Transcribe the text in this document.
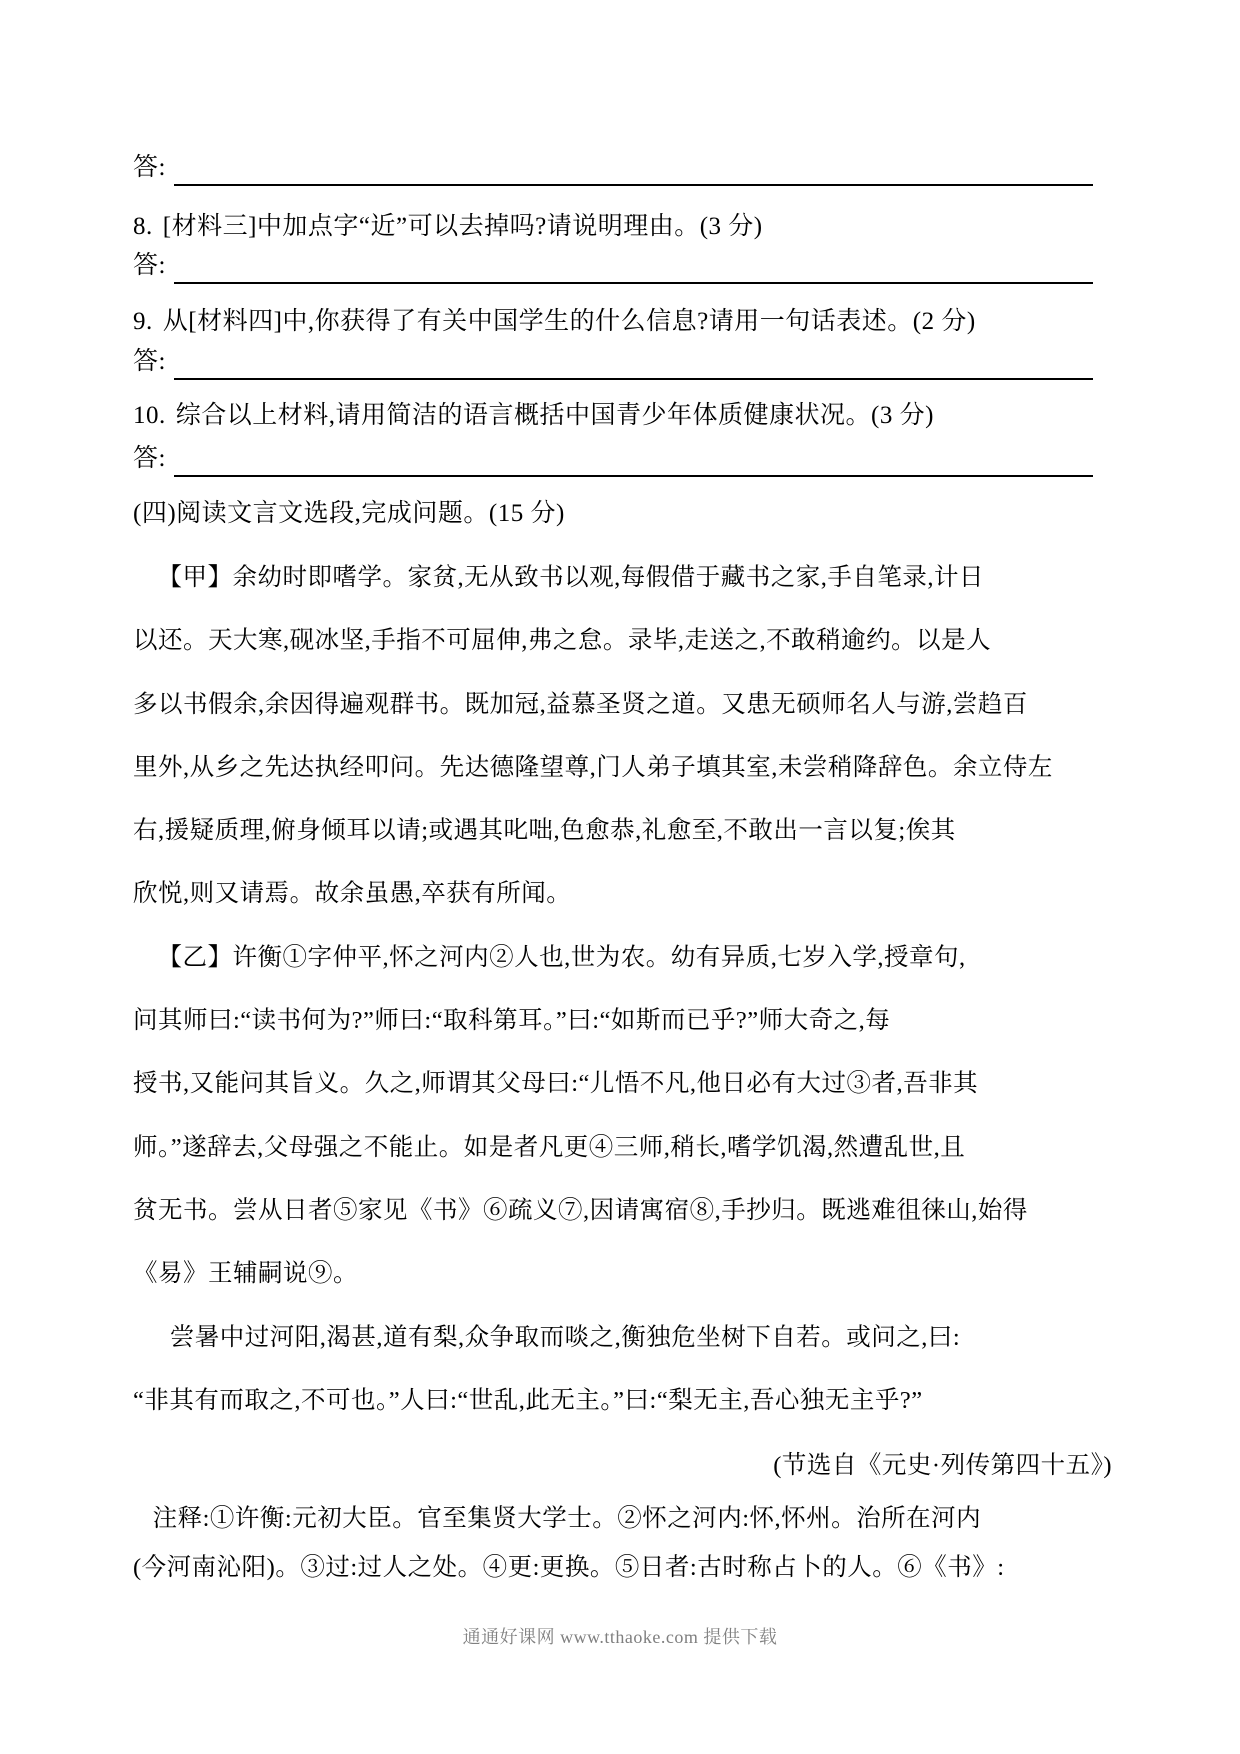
答:
8. [材料三]中加点字“近”可以去掉吗?请说明理由。(3 分)
答:
9. 从[材料四]中,你获得了有关中国学生的什么信息?请用一句话表述。(2 分)
答:
10. 综合以上材料,请用简洁的语言概括中国青少年体质健康状况。(3 分)
答:
(四)阅读文言文选段,完成问题。(15 分)
【甲】余幼时即嗜学。家贫,无从致书以观,每假借于藏书之家,手自笔录,计日
以还。天大寒,砚冰坚,手指不可屈伸,弗之怠。录毕,走送之,不敢稍逾约。以是人
多以书假余,余因得遍观群书。既加冠,益慕圣贤之道。又患无硕师名人与游,尝趋百
里外,从乡之先达执经叩问。先达德隆望尊,门人弟子填其室,未尝稍降辞色。余立侍左
右,援疑质理,俯身倾耳以请;或遇其叱咄,色愈恭,礼愈至,不敢出一言以复;俟其
欣悦,则又请焉。故余虽愚,卒获有所闻。
【乙】许衡①字仲平,怀之河内②人也,世为农。幼有异质,七岁入学,授章句,
问其师曰:“读书何为?”师曰:“取科第耳。”曰:“如斯而已乎?”师大奇之,每
授书,又能问其旨义。久之,师谓其父母曰:“儿悟不凡,他日必有大过③者,吾非其
师。”遂辞去,父母强之不能止。如是者凡更④三师,稍长,嗜学饥渴,然遭乱世,且
贫无书。尝从日者⑤家见《书》⑥疏义⑦,因请寓宿⑧,手抄归。既逃难徂徕山,始得
《易》王辅嗣说⑨。
尝暑中过河阳,渴甚,道有梨,众争取而啖之,衡独危坐树下自若。或问之,曰:
“非其有而取之,不可也。”人曰:“世乱,此无主。”曰:“梨无主,吾心独无主乎?”
(节选自《元史·列传第四十五》)
注释:①许衡:元初大臣。官至集贤大学士。②怀之河内:怀,怀州。治所在河内
(今河南沁阳)。③过:过人之处。④更:更换。⑤日者:古时称占卜的人。⑥《书》:
通通好课网 www.tthaoke.com 提供下载
